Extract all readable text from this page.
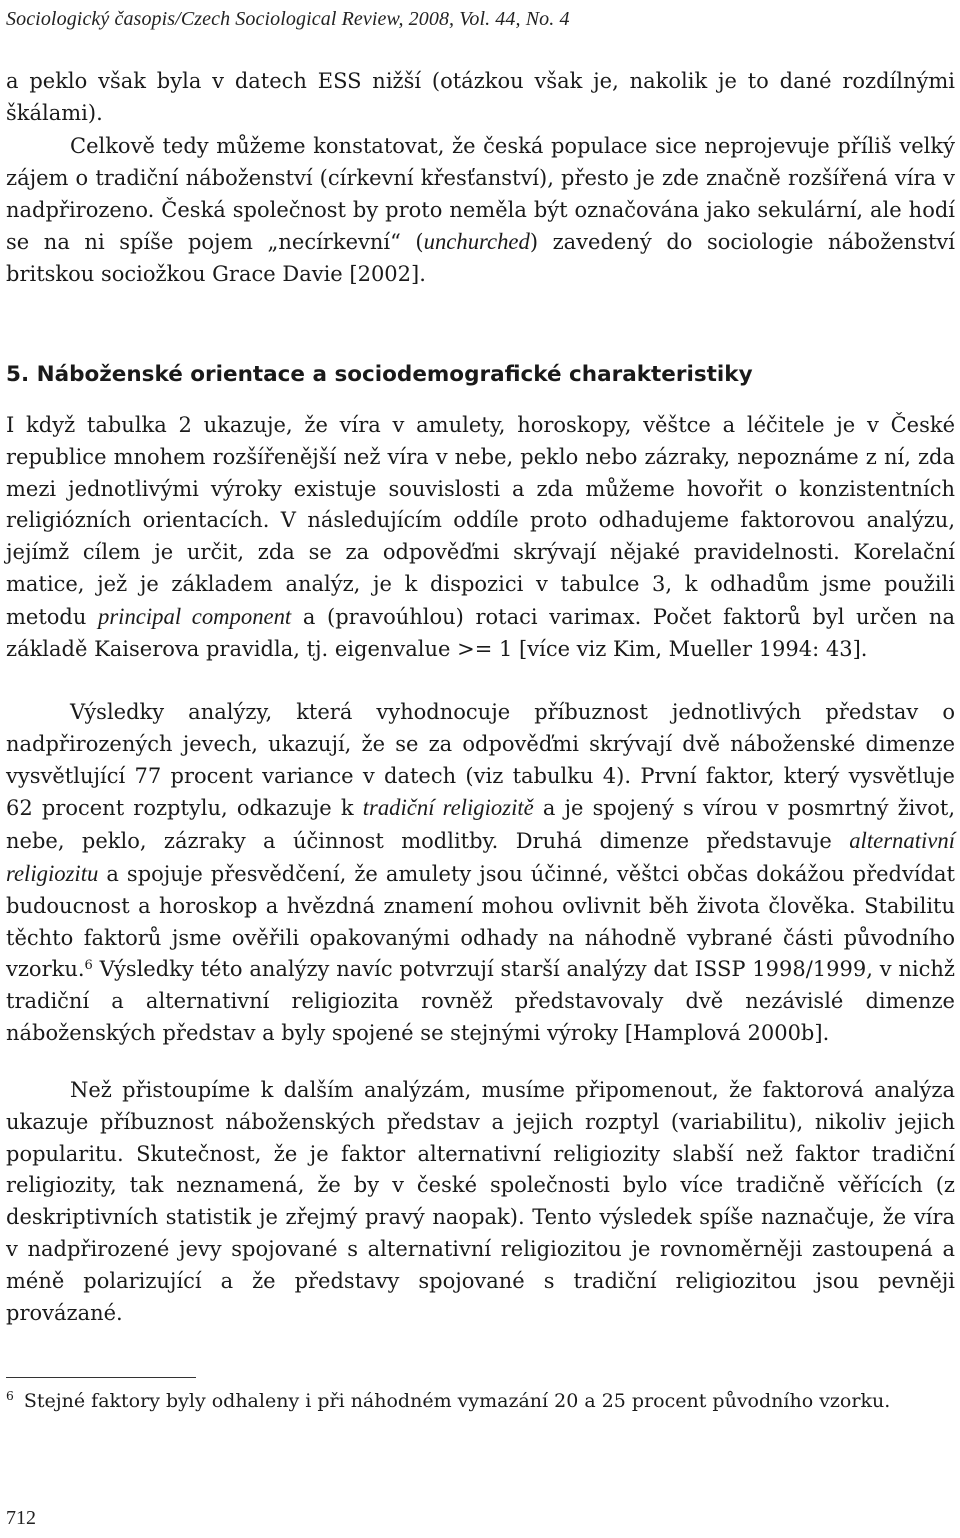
Sociologický časopis/Czech Sociological Review, 2008, Vol. 44, No. 4

a peklo však byla v datech ESS nižší (otázkou však je, nakolik je to dané rozdílnými škálami).

Celkově tedy můžeme konstatovat, že česká populace sice neprojevuje příliš velký zájem o tradiční náboženství (církevní křesťanství), přesto je zde značně rozšířená víra v nadpřirozeno. Česká společnost by proto neměla být označována jako sekulární, ale hodí se na ni spíše pojem „necírkevní“ (unchurched) zavedený do sociologie náboženství britskou sociožkou Grace Davie [2002].

5. Náboženské orientace a sociodemografické charakteristiky

I když tabulka 2 ukazuje, že víra v amulety, horoskopy, věštce a léčitele je v České republice mnohem rozšířenější než víra v nebe, peklo nebo zázraky, nepoznáme z ní, zda mezi jednotlivými výroky existuje souvislosti a zda můžeme hovořit o konzistentních religiózních orientacích. V následujícím oddíle proto odhadujeme faktorovou analýzu, jejímž cílem je určit, zda se za odpověďmi skrývají nějaké pravidelnosti. Korelační matice, jež je základem analýz, je k dispozici v tabulce 3, k odhadům jsme použili metodu principal component a (pravoúhlou) rotaci varimax. Počet faktorů byl určen na základě Kaiserova pravidla, tj. eigenvalue >= 1 [více viz Kim, Mueller 1994: 43].

Výsledky analýzy, která vyhodnocuje příbuznost jednotlivých představ o nadpřirozených jevech, ukazují, že se za odpověďmi skrývají dvě náboženské dimenze vysvětlující 77 procent variance v datech (viz tabulku 4). První faktor, který vysvětluje 62 procent rozptylu, odkazuje k tradiční religiozitě a je spojený s vírou v posmrtný život, nebe, peklo, zázraky a účinnost modlitby. Druhá dimenze představuje alternativní religiozitu a spojuje přesvědčení, že amulety jsou účinné, věštci občas dokážou předvídat budoucnost a horoskop a hvězdná znamení mohou ovlivnit běh života člověka. Stabilitu těchto faktorů jsme ověřili opakovanými odhady na náhodně vybrané části původního vzorku.$^6$ Výsledky této analýzy navíc potvrzují starší analýzy dat ISSP 1998/1999, v nichž tradiční a alternativní religiozita rovněž představovaly dvě nezávislé dimenze náboženských představ a byly spojené se stejnými výroky [Hamplová 2000b].

Než přistoupíme k dalším analýzám, musíme připomenout, že faktorová analýza ukazuje příbuznost náboženských představ a jejich rozptyl (variabilitu), nikoliv jejich popularitu. Skutečnost, že je faktor alternativní religiozity slabší než faktor tradiční religiozity, tak neznamená, že by v české společnosti bylo více tradičně věřících (z deskriptivních statistik je zřejmý pravý naopak). Tento výsledek spíše naznačuje, že víra v nadpřirozené jevy spojované s alternativní religiozitou je rovnoměrněji zastoupená a méně polarizující a že představy spojované s tradiční religiozitou jsou pevněji provázané.

$^6$ Stejné faktory byly odhaleny i při náhodném vymazání 20 a 25 procent původního vzorku.
712
